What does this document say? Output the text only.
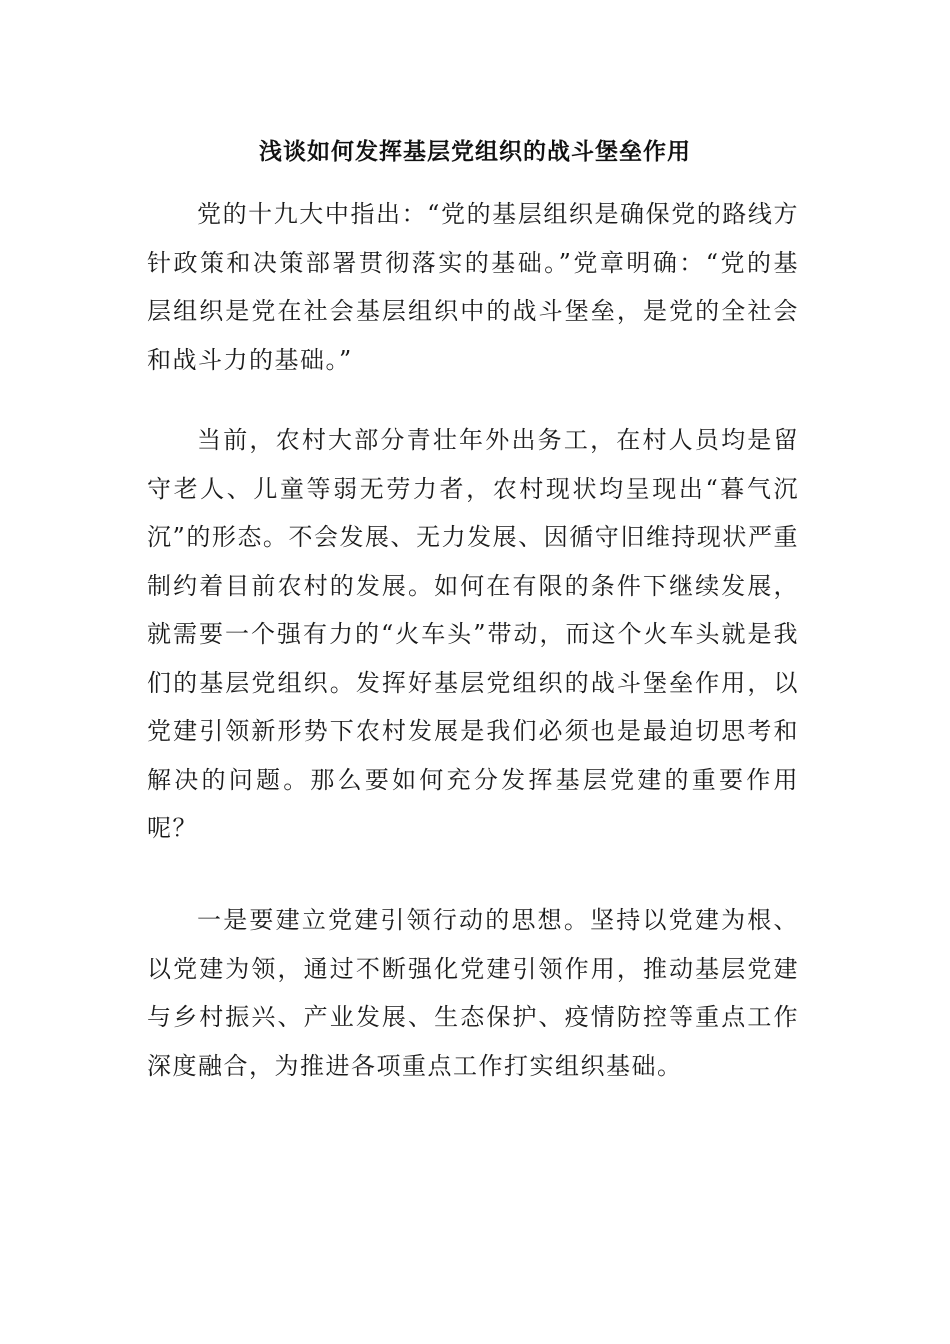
浅谈如何发挥基层党组织的战斗堡垒作用

党的十九大中指出：“党的基层组织是确保党的路线方针政策和决策部署贯彻落实的基础。”党章明确：“党的基层组织是党在社会基层组织中的战斗堡垒，是党的全社会和战斗力的基础。”

当前，农村大部分青壮年外出务工，在村人员均是留守老人、儿童等弱无劳力者，农村现状均呈现出“暮气沉沉”的形态。不会发展、无力发展、因循守旧维持现状严重制约着目前农村的发展。如何在有限的条件下继续发展，就需要一个强有力的“火车头”带动，而这个火车头就是我们的基层党组织。发挥好基层党组织的战斗堡垒作用，以党建引领新形势下农村发展是我们必须也是最迫切思考和解决的问题。那么要如何充分发挥基层党建的重要作用呢？

一是要建立党建引领行动的思想。坚持以党建为根、以党建为领，通过不断强化党建引领作用，推动基层党建与乡村振兴、产业发展、生态保护、疫情防控等重点工作深度融合，为推进各项重点工作打实组织基础。
